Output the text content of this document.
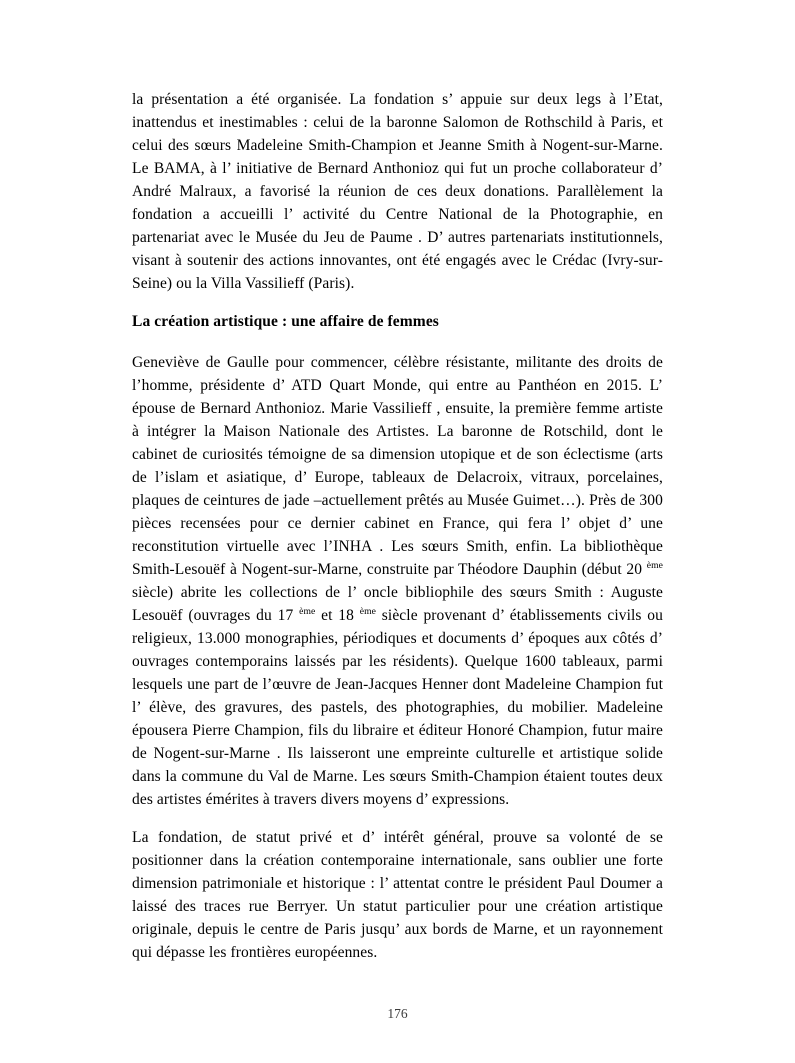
la présentation a été organisée. La fondation s’ appuie sur deux legs à l’Etat, inattendus et inestimables : celui de la baronne Salomon de Rothschild à Paris, et celui des sœurs Madeleine Smith-Champion et Jeanne Smith à Nogent-sur-Marne. Le BAMA, à l’ initiative de Bernard Anthonioz qui fut un proche collaborateur d’ André Malraux, a favorisé la réunion de ces deux donations. Parallèlement la fondation a accueilli l’ activité du Centre National de la Photographie, en partenariat avec le Musée du Jeu de Paume . D’ autres partenariats institutionnels, visant à soutenir des actions innovantes, ont été engagés avec le Crédac (Ivry-sur-Seine) ou la Villa Vassilieff (Paris).

La création artistique : une affaire de femmes

Geneviève de Gaulle pour commencer, célèbre résistante, militante des droits de l’homme, présidente d’ ATD Quart Monde, qui entre au Panthéon en 2015. L’ épouse de Bernard Anthonioz. Marie Vassilieff , ensuite, la première femme artiste à intégrer la Maison Nationale des Artistes. La baronne de Rotschild, dont le cabinet de curiosités témoigne de sa dimension utopique et de son éclectisme (arts de l’islam et asiatique, d’ Europe, tableaux de Delacroix, vitraux, porcelaines, plaques de ceintures de jade –actuellement prêtés au Musée Guimet…). Près de 300 pièces recensées pour ce dernier cabinet en France, qui fera l’ objet d’ une reconstitution virtuelle avec l’INHA . Les sœurs Smith, enfin. La bibliothèque Smith-Lesouëf à Nogent-sur-Marne, construite par Théodore Dauphin (début 20 $^{ème}$ siècle) abrite les collections de l’ oncle bibliophile des sœurs Smith : Auguste Lesouëf (ouvrages du 17 $^{ème}$ et 18 $^{ème}$ siècle provenant d’ établissements civils ou religieux, 13.000 monographies, périodiques et documents d’ époques aux côtés d’ ouvrages contemporains laissés par les résidents). Quelque 1600 tableaux, parmi lesquels une part de l’œuvre de Jean-Jacques Henner dont Madeleine Champion fut l’ élève, des gravures, des pastels, des photographies, du mobilier. Madeleine épousera Pierre Champion, fils du libraire et éditeur Honoré Champion, futur maire de Nogent-sur-Marne . Ils laisseront une empreinte culturelle et artistique solide dans la commune du Val de Marne. Les sœurs Smith-Champion étaient toutes deux des artistes émérites à travers divers moyens d’ expressions.

La fondation, de statut privé et d’ intérêt général, prouve sa volonté de se positionner dans la création contemporaine internationale, sans oublier une forte dimension patrimoniale et historique : l’ attentat contre le président Paul Doumer a laissé des traces rue Berryer. Un statut particulier pour une création artistique originale, depuis le centre de Paris jusqu’ aux bords de Marne, et un rayonnement qui dépasse les frontières européennes.

176
